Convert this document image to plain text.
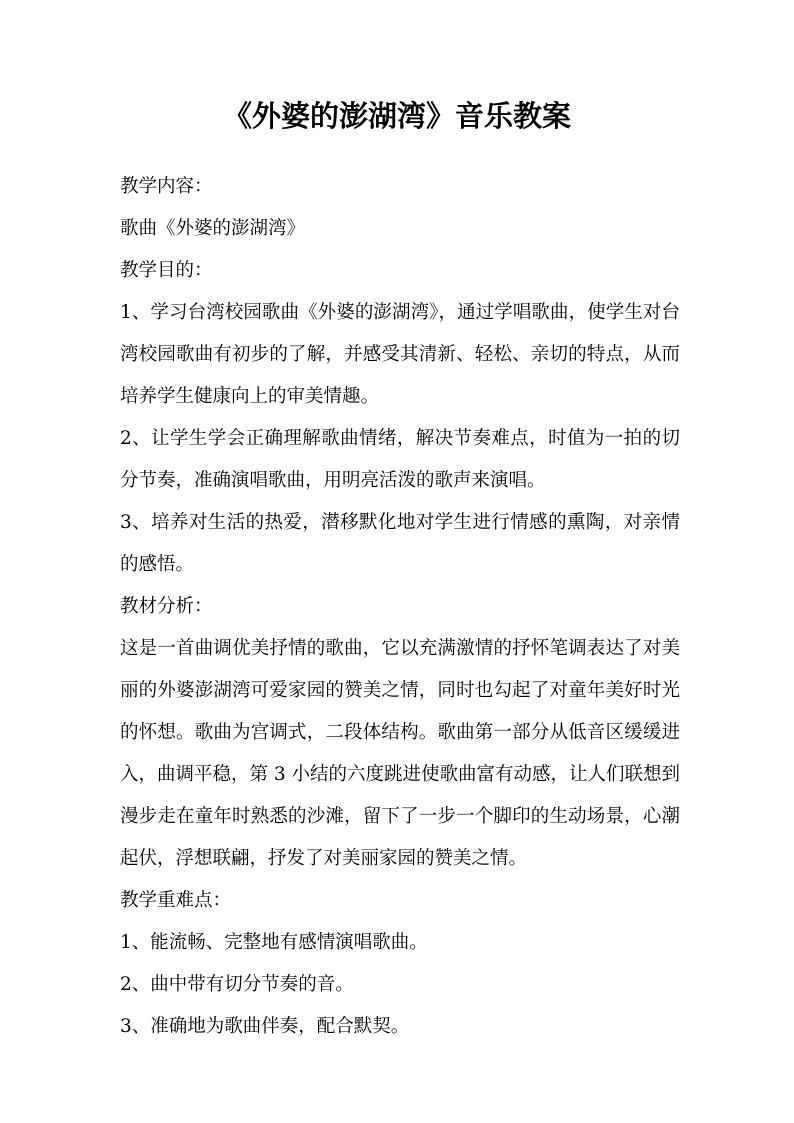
《外婆的澎湖湾》音乐教案
教学内容：
歌曲《外婆的澎湖湾》
教学目的：
1、学习台湾校园歌曲《外婆的澎湖湾》，通过学唱歌曲，使学生对台
湾校园歌曲有初步的了解，并感受其清新、轻松、亲切的特点，从而
培养学生健康向上的审美情趣。
2、让学生学会正确理解歌曲情绪，解决节奏难点，时值为一拍的切
分节奏，准确演唱歌曲，用明亮活泼的歌声来演唱。
3、培养对生活的热爱，潜移默化地对学生进行情感的熏陶，对亲情
的感悟。
教材分析：
这是一首曲调优美抒情的歌曲，它以充满激情的抒怀笔调表达了对美
丽的外婆澎湖湾可爱家园的赞美之情，同时也勾起了对童年美好时光
的怀想。歌曲为宫调式，二段体结构。歌曲第一部分从低音区缓缓进
入，曲调平稳，第 3 小结的六度跳进使歌曲富有动感，让人们联想到
漫步走在童年时熟悉的沙滩，留下了一步一个脚印的生动场景，心潮
起伏，浮想联翩，抒发了对美丽家园的赞美之情。
教学重难点：
1、能流畅、完整地有感情演唱歌曲。
2、曲中带有切分节奏的音。
3、准确地为歌曲伴奏，配合默契。
